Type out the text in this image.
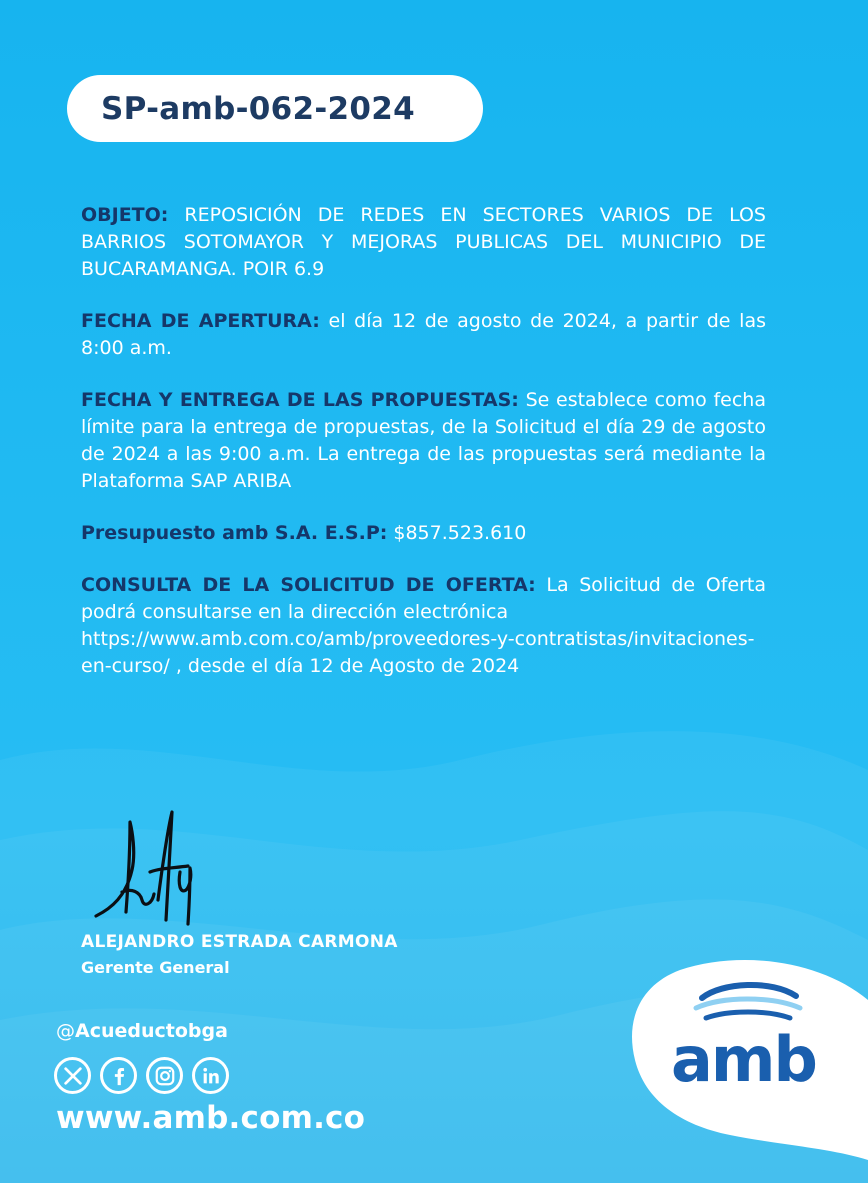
SP-amb-062-2024

OBJETO: REPOSICIÓN DE REDES EN SECTORES VARIOS DE LOS BARRIOS SOTOMAYOR Y MEJORAS PUBLICAS DEL MUNICIPIO DE BUCARAMANGA. POIR 6.9

FECHA DE APERTURA: el día 12 de agosto de 2024, a partir de las 8:00 a.m.

FECHA Y ENTREGA DE LAS PROPUESTAS: Se establece como fecha límite para la entrega de propuestas, de la Solicitud el día 29 de agosto de 2024 a las 9:00 a.m. La entrega de las propuestas será mediante la Plataforma SAP ARIBA

Presupuesto amb S.A. E.S.P: $857.523.610

CONSULTA DE LA SOLICITUD DE OFERTA: La Solicitud de Oferta podrá consultarse en la dirección electrónica
https://www.amb.com.co/amb/proveedores-y-contratistas/invitaciones-en-curso/ , desde el día 12 de Agosto de 2024

ALEJANDRO ESTRADA CARMONA
Gerente General
@Acueductobga
www.amb.com.co
amb
